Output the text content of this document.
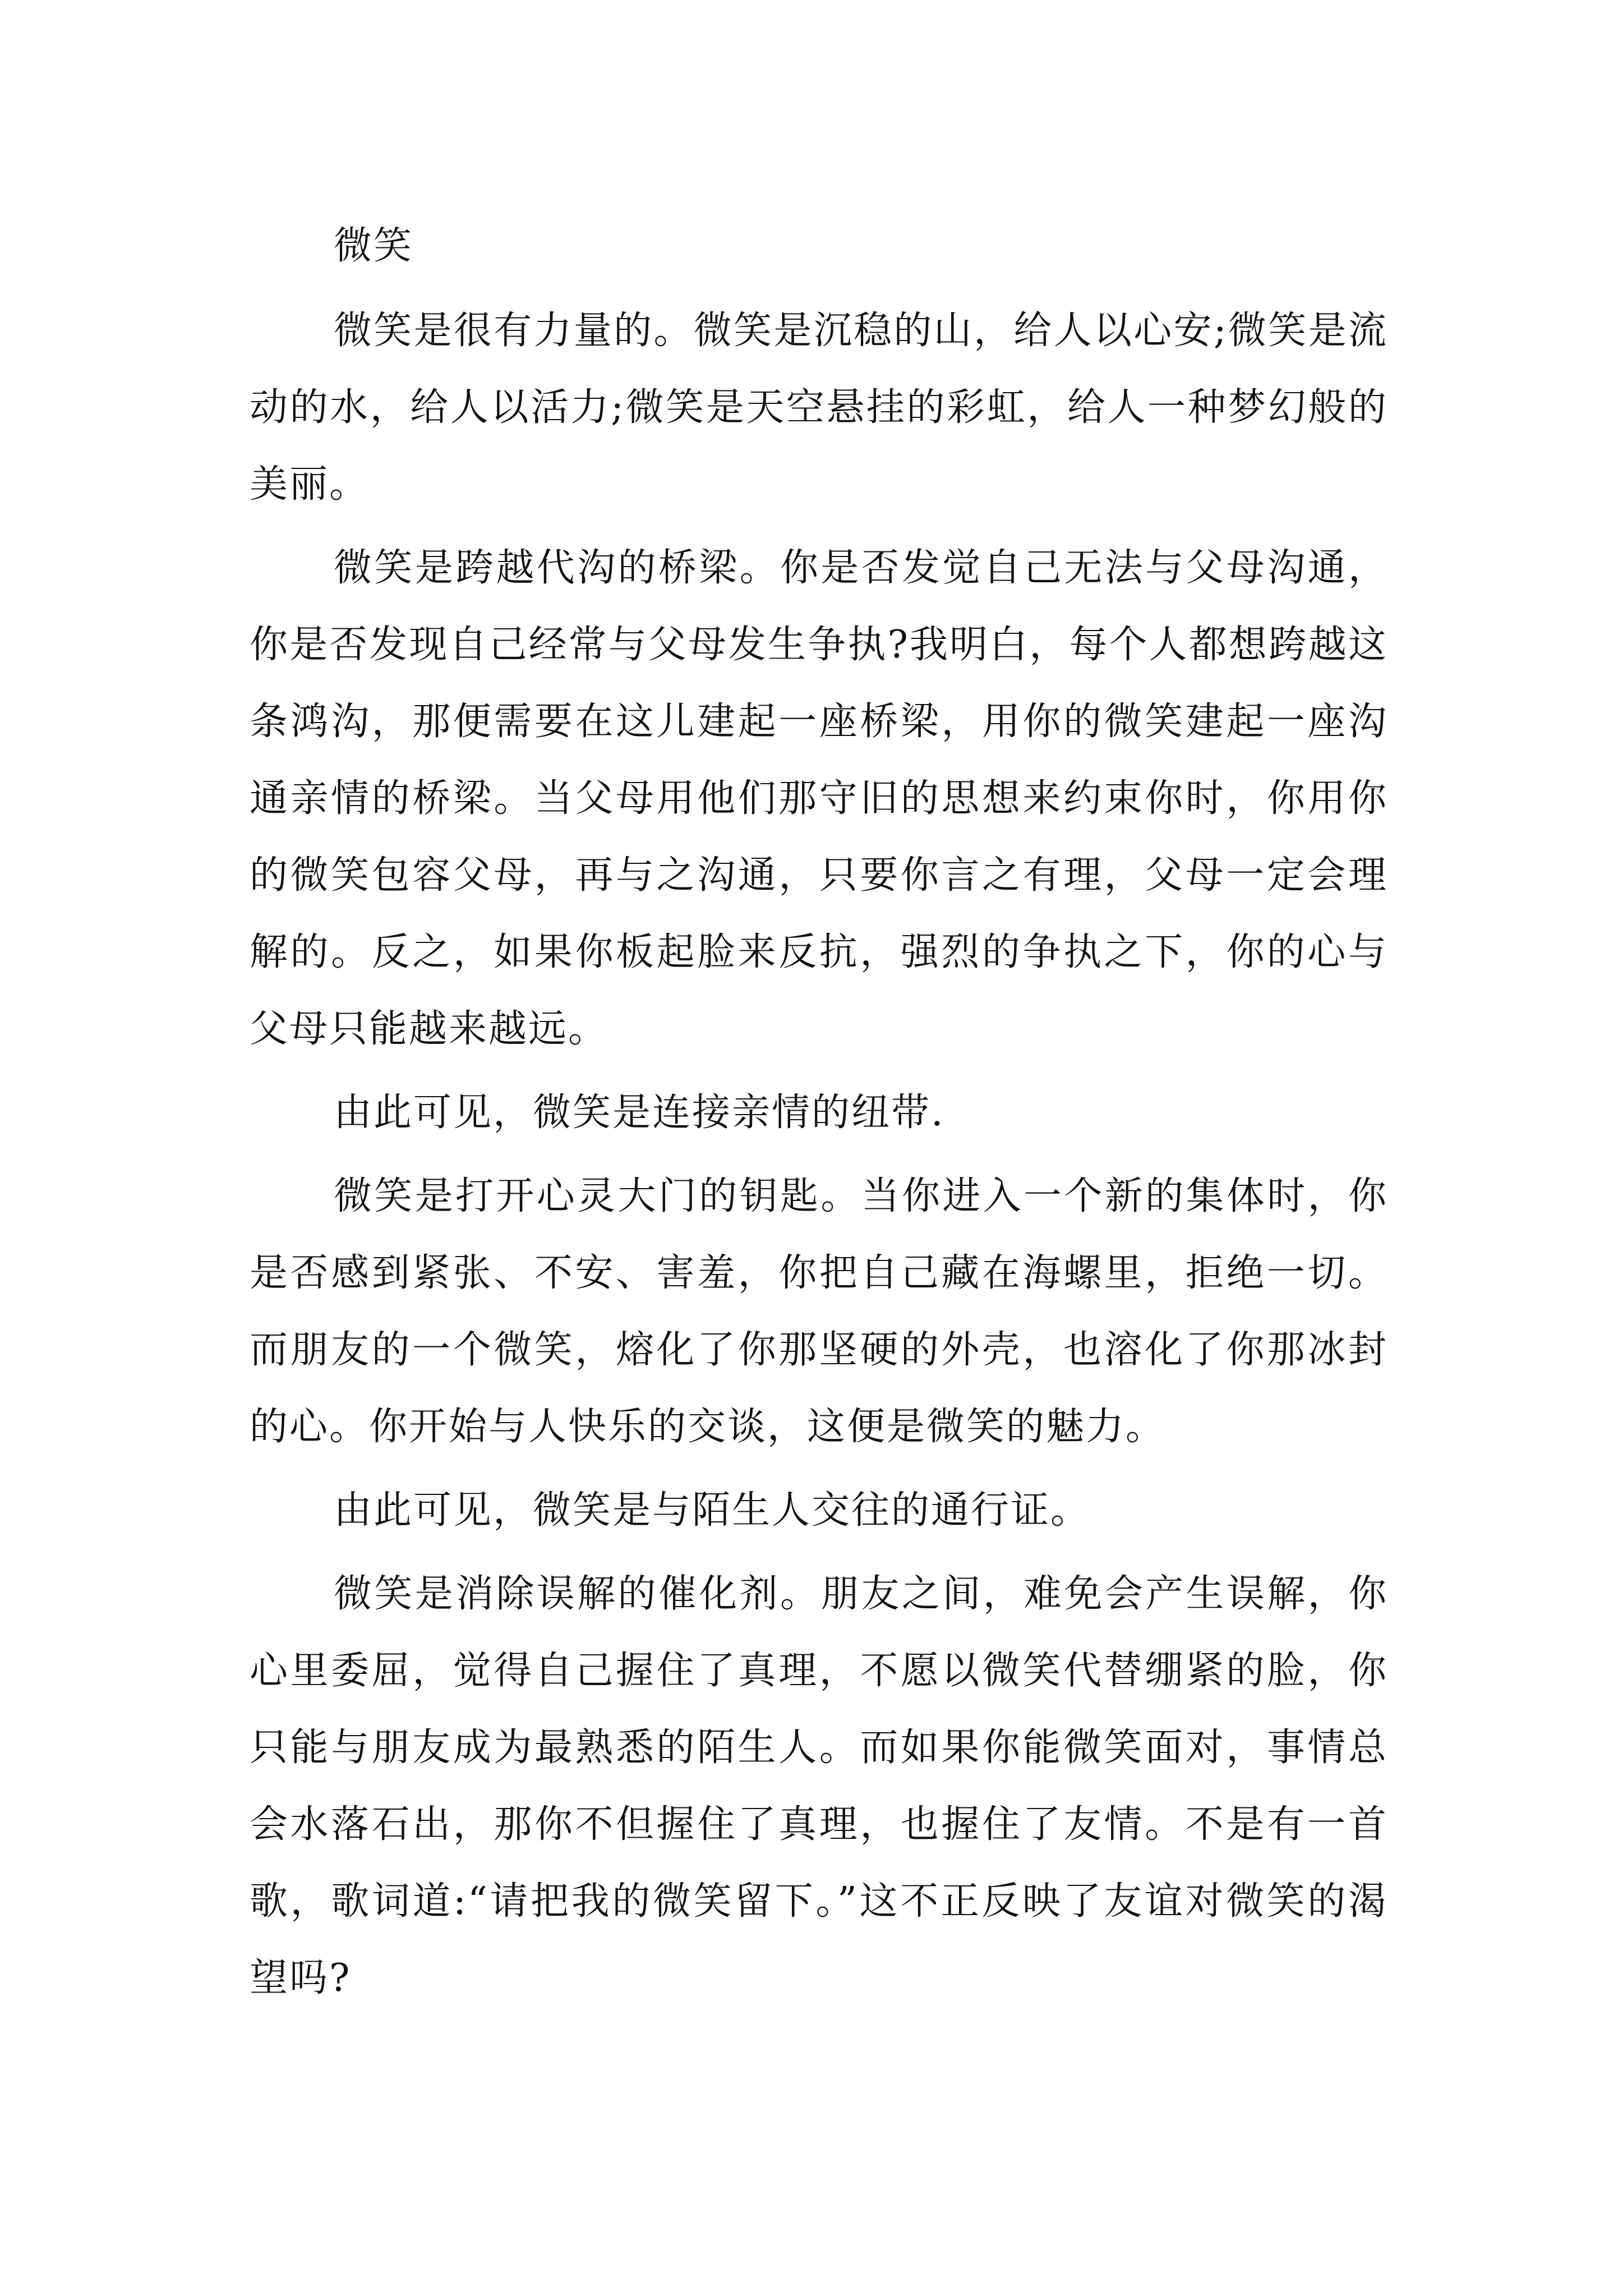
微笑

微笑是很有力量的。微笑是沉稳的山，给人以心安;微笑是流动的水，给人以活力;微笑是天空悬挂的彩虹，给人一种梦幻般的美丽。

微笑是跨越代沟的桥梁。你是否发觉自己无法与父母沟通，你是否发现自己经常与父母发生争执?我明白，每个人都想跨越这条鸿沟，那便需要在这儿建起一座桥梁，用你的微笑建起一座沟通亲情的桥梁。当父母用他们那守旧的思想来约束你时，你用你的微笑包容父母，再与之沟通，只要你言之有理，父母一定会理解的。反之，如果你板起脸来反抗，强烈的争执之下，你的心与父母只能越来越远。

由此可见，微笑是连接亲情的纽带.

微笑是打开心灵大门的钥匙。当你进入一个新的集体时，你是否感到紧张、不安、害羞，你把自己藏在海螺里，拒绝一切。而朋友的一个微笑，熔化了你那坚硬的外壳，也溶化了你那冰封的心。你开始与人快乐的交谈，这便是微笑的魅力。

由此可见，微笑是与陌生人交往的通行证。

微笑是消除误解的催化剂。朋友之间，难免会产生误解，你心里委屈，觉得自己握住了真理，不愿以微笑代替绷紧的脸，你只能与朋友成为最熟悉的陌生人。而如果你能微笑面对，事情总会水落石出，那你不但握住了真理，也握住了友情。不是有一首歌，歌词道:“请把我的微笑留下。”这不正反映了友谊对微笑的渴望吗?
